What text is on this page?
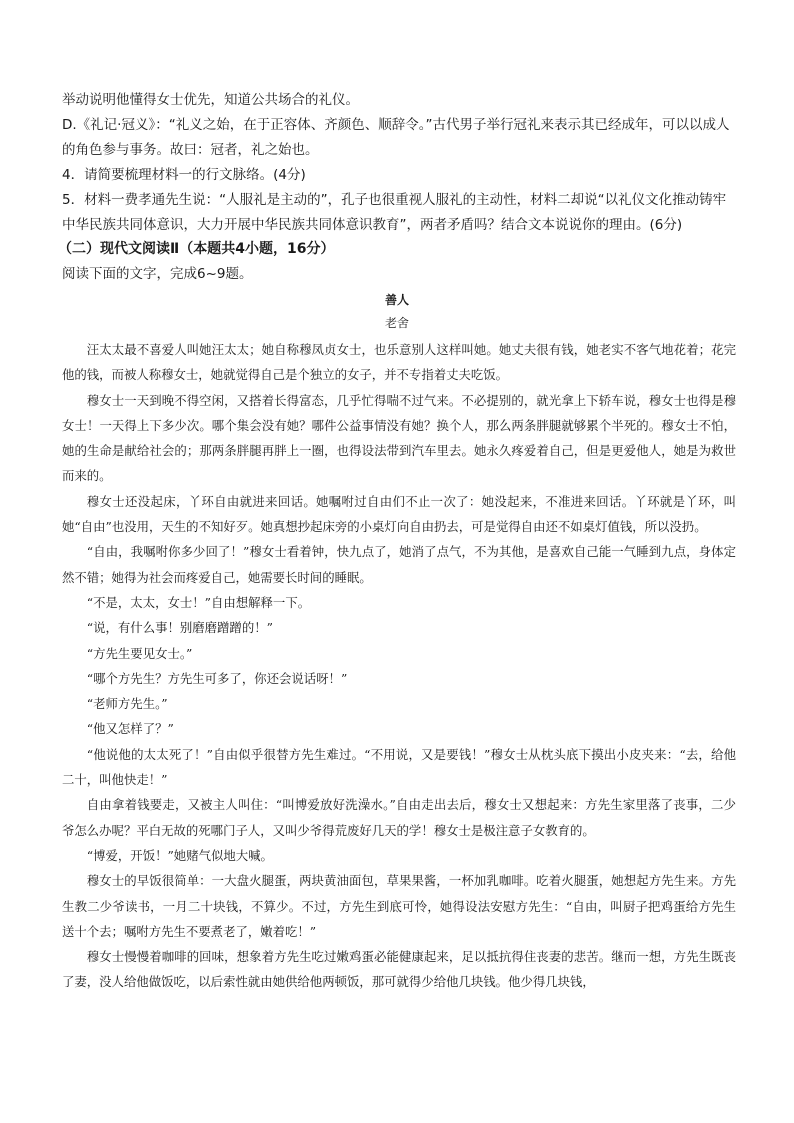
举动说明他懂得女士优先，知道公共场合的礼仪。

D.《礼记·冠义》：“礼义之始，在于正容体、齐颜色、顺辞令。”古代男子举行冠礼来表示其已经成年，可以以成人的角色参与事务。故曰：冠者，礼之始也。

4．请简要梳理材料一的行文脉络。(4分)

5．材料一费孝通先生说：“人服礼是主动的”，孔子也很重视人服礼的主动性，材料二却说“以礼仪文化推动铸牢中华民族共同体意识，大力开展中华民族共同体意识教育”，两者矛盾吗？结合文本说说你的理由。(6分)

（二）现代文阅读Ⅱ（本题共4小题，16分）

阅读下面的文字，完成6~9题。

善人

老舍

汪太太最不喜爱人叫她汪太太；她自称穆凤贞女士，也乐意别人这样叫她。她丈夫很有钱，她老实不客气地花着；花完他的钱，而被人称穆女士，她就觉得自己是个独立的女子，并不专指着丈夫吃饭。

穆女士一天到晚不得空闲，又搭着长得富态，几乎忙得喘不过气来。不必提别的，就光拿上下轿车说，穆女士也得是穆女士！一天得上下多少次。哪个集会没有她？哪件公益事情没有她？换个人，那么两条胖腿就够累个半死的。穆女士不怕，她的生命是献给社会的；那两条胖腿再胖上一圈，也得设法带到汽车里去。她永久疼爱着自己，但是更爱他人，她是为救世而来的。

穆女士还没起床，丫环自由就进来回话。她嘱咐过自由们不止一次了：她没起来，不准进来回话。丫环就是丫环，叫她“自由”也没用，天生的不知好歹。她真想抄起床旁的小桌灯向自由扔去，可是觉得自由还不如桌灯值钱，所以没扔。

“自由，我嘱咐你多少回了！”穆女士看着钟，快九点了，她消了点气，不为其他，是喜欢自己能一气睡到九点，身体定然不错；她得为社会而疼爱自己，她需要长时间的睡眠。

“不是，太太，女士！”自由想解释一下。

“说，有什么事！别磨磨蹭蹭的！”

“方先生要见女士。”

“哪个方先生？方先生可多了，你还会说话呀！”

“老师方先生。”

“他又怎样了？”

“他说他的太太死了！”自由似乎很替方先生难过。“不用说，又是要钱！”穆女士从枕头底下摸出小皮夹来：“去，给他二十，叫他快走！”

自由拿着钱要走，又被主人叫住：“叫博爱放好洗澡水。”自由走出去后，穆女士又想起来：方先生家里落了丧事，二少爷怎么办呢？平白无故的死哪门子人，又叫少爷得荒废好几天的学！穆女士是极注意子女教育的。

“博爱，开饭！”她赌气似地大喊。

穆女士的早饭很简单：一大盘火腿蛋，两块黄油面包，草果果酱，一杯加乳咖啡。吃着火腿蛋，她想起方先生来。方先生教二少爷读书，一月二十块钱，不算少。不过，方先生到底可怜，她得设法安慰方先生：“自由，叫厨子把鸡蛋给方先生送十个去；嘱咐方先生不要煮老了，嫩着吃！”

穆女士慢慢着咖啡的回味，想象着方先生吃过嫩鸡蛋必能健康起来，足以抵抗得住丧妻的悲苦。继而一想，方先生既丧了妻，没人给他做饭吃，以后索性就由她供给他两顿饭，那可就得少给他几块钱。他少得几块钱，
